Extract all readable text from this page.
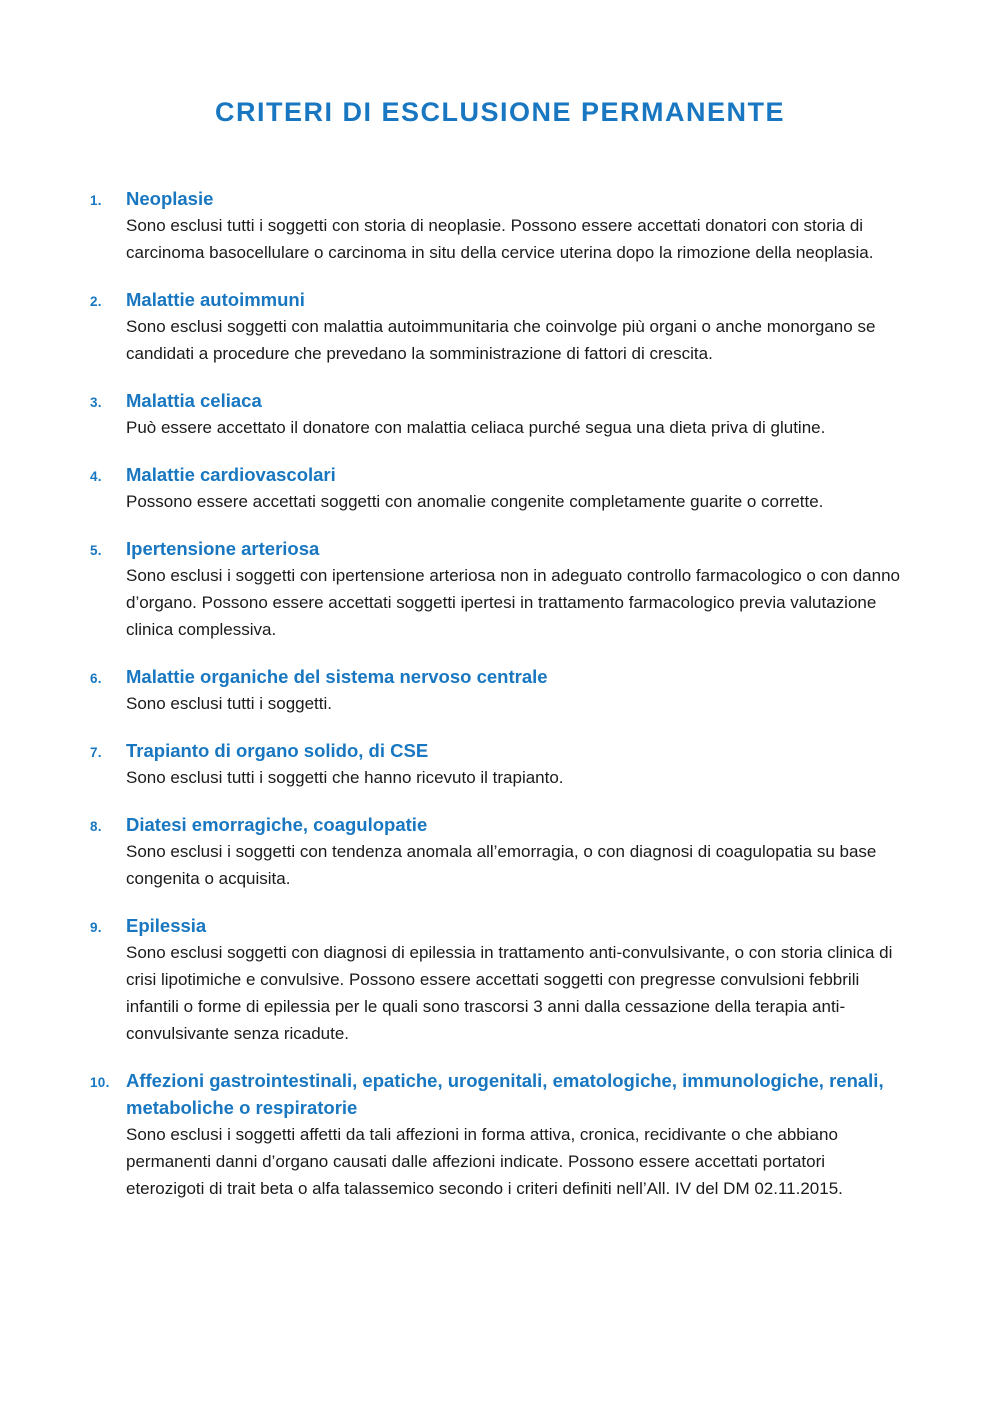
CRITERI DI ESCLUSIONE PERMANENTE
1.	Neoplasie

Sono esclusi tutti i soggetti con storia di neoplasie. Possono essere accettati donatori con storia di carcinoma basocellulare o carcinoma in situ della cervice uterina dopo la rimozione della neoplasia.

2.	Malattie autoimmuni

Sono esclusi soggetti con malattia autoimmunitaria che coinvolge più organi o anche monorgano se candidati a procedure che prevedano la somministrazione di fattori di crescita.

3.	Malattia celiaca

Può essere accettato il donatore con malattia celiaca purché segua una dieta priva di glutine.

4.	Malattie cardiovascolari

Possono essere accettati soggetti con anomalie congenite completamente guarite o corrette.

5.	Ipertensione arteriosa

Sono esclusi i soggetti con ipertensione arteriosa non in adeguato controllo farmacologico o con danno d’organo. Possono essere accettati soggetti ipertesi in trattamento farmacologico previa valutazione clinica complessiva.

6.	Malattie organiche del sistema nervoso centrale

Sono esclusi tutti i soggetti.

7.	Trapianto di organo solido, di CSE

Sono esclusi tutti i soggetti che hanno ricevuto il trapianto.

8.	Diatesi emorragiche, coagulopatie

Sono esclusi i soggetti con tendenza anomala all’emorragia, o con diagnosi di coagulopatia su base congenita o acquisita.

9.	Epilessia

Sono esclusi soggetti con diagnosi di epilessia in trattamento anti-convulsivante, o con storia clinica di crisi lipotimiche e convulsive. Possono essere accettati soggetti con pregresse convulsioni febbrili infantili o forme di epilessia per le quali sono trascorsi 3 anni dalla cessazione della terapia anti-convulsivante senza ricadute.

10. Affezioni gastrointestinali, epatiche, urogenitali, ematologiche, immunologiche, renali, metaboliche o respiratorie

Sono esclusi i soggetti affetti da tali affezioni in forma attiva, cronica, recidivante o che abbiano permanenti danni d’organo causati dalle affezioni indicate. Possono essere accettati portatori eterozigoti di trait beta o alfa talassemico secondo i criteri definiti nell’All. IV del DM 02.11.2015.
